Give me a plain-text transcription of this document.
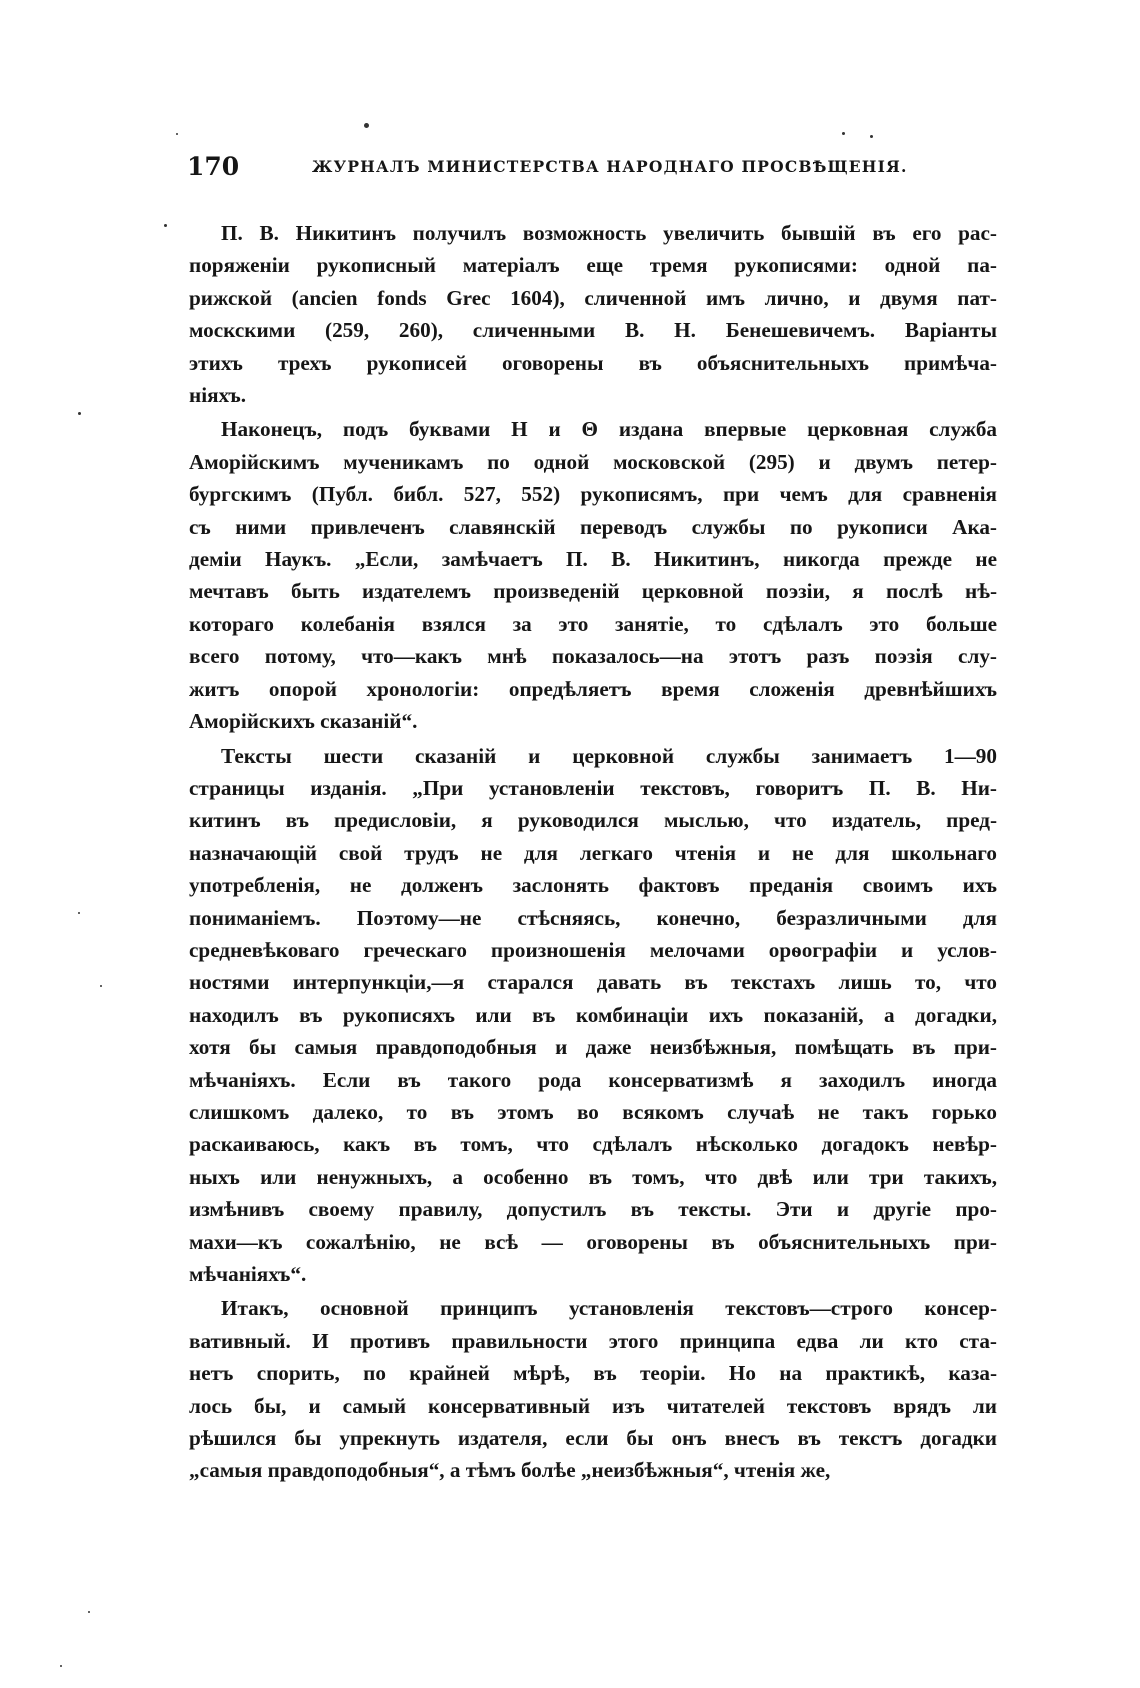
170	ЖУРНАЛЪ МИНИСТЕРСТВА НАРОДНАГО ПРОСВѢЩЕНІЯ.
П. В. Никитинъ получилъ возможность увеличить бывшій въ его рас-
поряженіи рукописный матеріалъ еще тремя рукописями: одной па-
рижской (ancien fonds Grec 1604), сличенной имъ лично, и двумя пат-
москскими (259, 260), сличенными В. Н. Бенешевичемъ. Варіанты
этихъ трехъ рукописей оговорены въ объяснительныхъ примѣча-
ніяхъ.
Наконецъ, подъ буквами Н и Θ издана впервые церковная служба
Аморійскимъ мученикамъ по одной московской (295) и двумъ петер-
бургскимъ (Публ. библ. 527, 552) рукописямъ, при чемъ для сравненія
съ ними привлеченъ славянскій переводъ службы по рукописи Ака-
деміи Наукъ. „Если, замѣчаетъ П. В. Никитинъ, никогда прежде не
мечтавъ быть издателемъ произведеній церковной поэзіи, я послѣ нѣ-
котораго колебанія взялся за это занятіе, то сдѣлалъ это больше
всего потому, что—какъ мнѣ показалось—на этотъ разъ поэзія слу-
житъ опорой хронологіи: опредѣляетъ время сложенія древнѣйшихъ
Аморійскихъ сказаній“.
Тексты шести сказаній и церковной службы занимаетъ 1—90
страницы изданія. „При установленіи текстовъ, говоритъ П. В. Ни-
китинъ въ предисловіи, я руководился мыслью, что издатель, пред-
назначающій свой трудъ не для легкаго чтенія и не для школьнаго
употребленія, не долженъ заслонять фактовъ преданія своимъ ихъ
пониманіемъ. Поэтому—не стѣсняясь, конечно, безразличными для
средневѣковаго греческаго произношенія мелочами орѳографіи и услов-
ностями интерпункціи,—я старался давать въ текстахъ лишь то, что
находилъ въ рукописяхъ или въ комбинаціи ихъ показаній, а догадки,
хотя бы самыя правдоподобныя и даже неизбѣжныя, помѣщать въ при-
мѣчаніяхъ. Если въ такого рода консерватизмѣ я заходилъ иногда
слишкомъ далеко, то въ этомъ во всякомъ случаѣ не такъ горько
раскаиваюсь, какъ въ томъ, что сдѣлалъ нѣсколько догадокъ невѣр-
ныхъ или ненужныхъ, а особенно въ томъ, что двѣ или три такихъ,
измѣнивъ своему правилу, допустилъ въ тексты. Эти и другіе про-
махи—къ сожалѣнію, не всѣ — оговорены въ объяснительныхъ при-
мѣчаніяхъ“.
Итакъ, основной принципъ установленія текстовъ—строго консер-
вативный. И противъ правильности этого принципа едва ли кто ста-
нетъ спорить, по крайней мѣрѣ, въ теоріи. Но на практикѣ, каза-
лось бы, и самый консервативный изъ читателей текстовъ врядъ ли
рѣшился бы упрекнуть издателя, если бы онъ внесъ въ текстъ догадки
„самыя правдоподобныя“, а тѣмъ болѣе „неизбѣжныя“, чтенія же,
